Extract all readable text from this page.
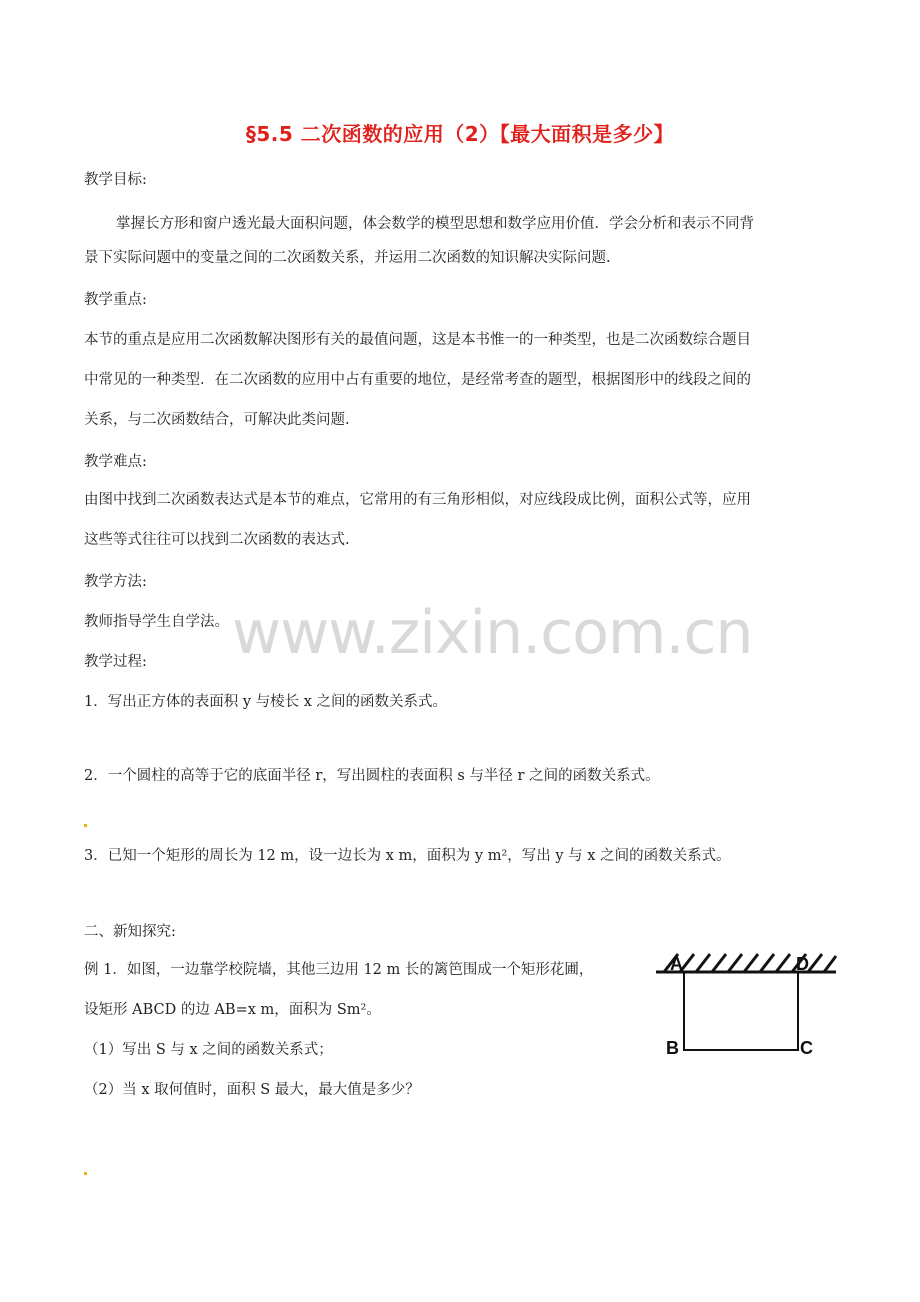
§5.5 二次函数的应用（2）【最大面积是多少】
教学目标:
掌握长方形和窗户透光最大面积问题，体会数学的模型思想和数学应用价值．学会分析和表示不同背
景下实际问题中的变量之间的二次函数关系，并运用二次函数的知识解决实际问题.
教学重点:
本节的重点是应用二次函数解决图形有关的最值问题，这是本书惟一的一种类型，也是二次函数综合题目
中常见的一种类型．在二次函数的应用中占有重要的地位，是经常考查的题型，根据图形中的线段之间的
关系，与二次函数结合，可解决此类问题.
教学难点:
由图中找到二次函数表达式是本节的难点，它常用的有三角形相似，对应线段成比例，面积公式等，应用
这些等式往往可以找到二次函数的表达式.
教学方法:
教师指导学生自学法。 www.zixin.com.cn
教学过程:
1．写出正方体的表面积 y 与棱长 x 之间的函数关系式。
2．一个圆柱的高等于它的底面半径 r，写出圆柱的表面积 s 与半径 r 之间的函数关系式。
3．已知一个矩形的周长为 12 m，设一边长为 x m，面积为 y m²，写出 y 与 x 之间的函数关系式。
二、新知探究:
例 1．如图，一边靠学校院墙，其他三边用 12 m 长的篱笆围成一个矩形花圃，
设矩形 ABCD 的边 AB=x m，面积为 Sm²。
（1）写出 S 与 x 之间的函数关系式；
（2）当 x 取何值时，面积 S 最大，最大值是多少？
A	D
B	C
